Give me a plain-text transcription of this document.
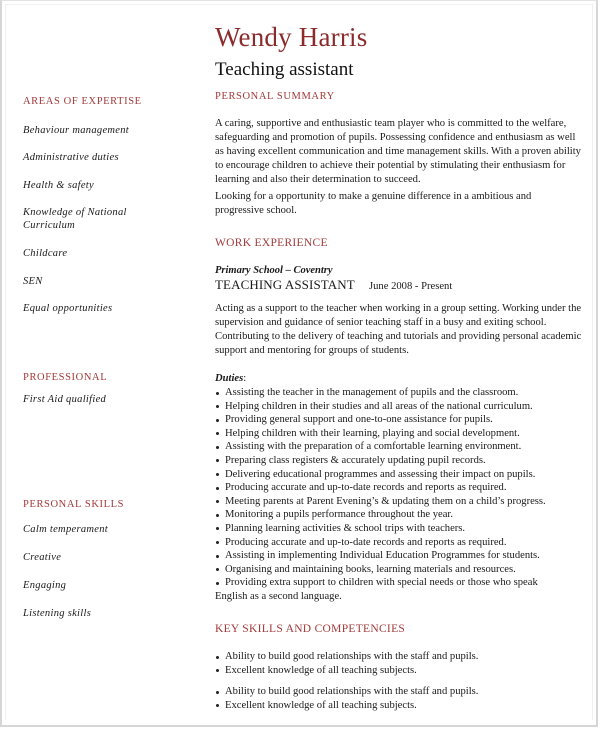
Wendy Harris
Teaching assistant
AREAS OF EXPERTISE
Behaviour management
Administrative duties
Health & safety
Knowledge of National
Curriculum
Childcare
SEN
Equal opportunities
PROFESSIONAL
First Aid qualified
PERSONAL SKILLS
Calm temperament
Creative
Engaging
Listening skills
PERSONAL SUMMARY

A caring, supportive and enthusiastic team player who is committed to the welfare, safeguarding and promotion of pupils. Possessing confidence and enthusiasm as well as having excellent communication and time management skills. With a proven ability to encourage children to achieve their potential by stimulating their enthusiasm for learning and also their determination to succeed.

Looking for a opportunity to make a genuine difference in a ambitious and progressive school.

WORK EXPERIENCE
Primary School – Coventry
TEACHING ASSISTANT June 2008 - Present

Acting as a support to the teacher when working in a group setting. Working under the supervision and guidance of senior teaching staff in a busy and exiting school. Contributing to the delivery of teaching and tutorials and providing personal academic support and mentoring for groups of students.

Duties:
Assisting the teacher in the management of pupils and the classroom.
Helping children in their studies and all areas of the national curriculum.
Providing general support and one-to-one assistance for pupils.
Helping children with their learning, playing and social development.
Assisting with the preparation of a comfortable learning environment.
Preparing class registers & accurately updating pupil records.
Delivering educational programmes and assessing their impact on pupils.
Producing accurate and up-to-date records and reports as required.
Meeting parents at Parent Evening’s & updating them on a child’s progress.
Monitoring a pupils performance throughout the year.
Planning learning activities & school trips with teachers.
Producing accurate and up-to-date records and reports as required.
Assisting in implementing Individual Education Programmes for students.
Organising and maintaining books, learning materials and resources.
Providing extra support to children with special needs or those who speak
English as a second language.
KEY SKILLS AND COMPETENCIES
Ability to build good relationships with the staff and pupils.
Excellent knowledge of all teaching subjects.
Ability to build good relationships with the staff and pupils.
Excellent knowledge of all teaching subjects.
